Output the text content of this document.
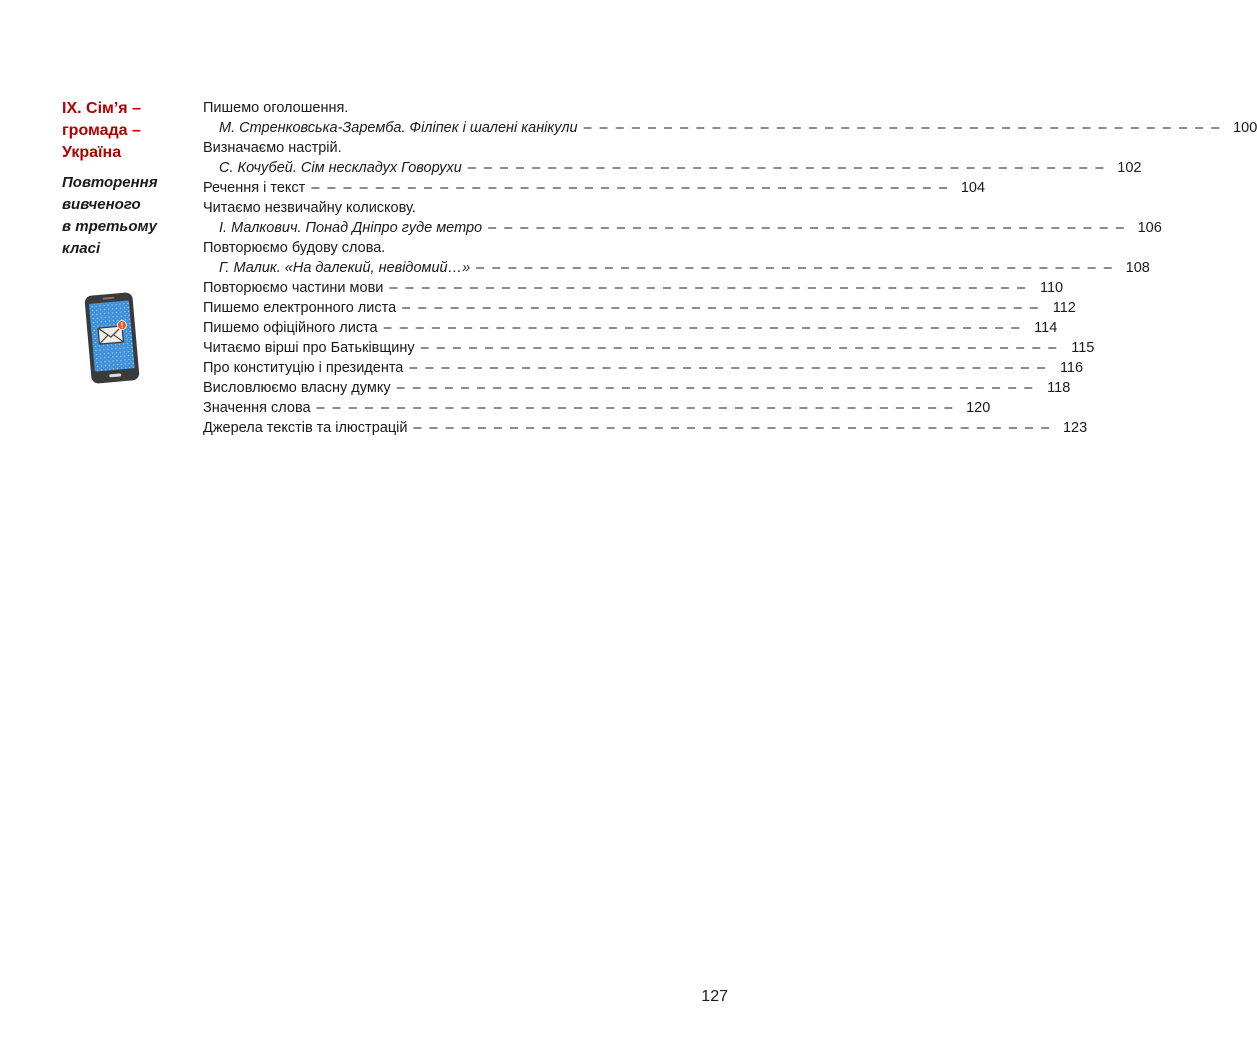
IX. Сім’я –
громада –
Україна
Повторення
вивченого
в третьому
класі
Пишемо оголошення.
М. Стренковська-Заремба. Філіпек і шалені канікули – – – – – – – – – – – – – – – – – – – – – – – – – – – – – – – – – – – – – – – – 100
Визначаємо настрій.
С. Кочубей. Сім нескладух Говорухи – – – – – – – – – – – – – – – – – – – – – – – – – – – – – – – – – – – – – – – – 102
Речення і текст – – – – – – – – – – – – – – – – – – – – – – – – – – – – – – – – – – – – – – – – 104
Читаємо незвичайну колискову.
І. Малкович. Понад Дніпро гуде метро – – – – – – – – – – – – – – – – – – – – – – – – – – – – – – – – – – – – – – – – 106
Повторюємо будову слова.
Г. Малик. «На далекий, невідомий…» – – – – – – – – – – – – – – – – – – – – – – – – – – – – – – – – – – – – – – – – 108
Повторюємо частини мови – – – – – – – – – – – – – – – – – – – – – – – – – – – – – – – – – – – – – – – – 110
Пишемо електронного листа – – – – – – – – – – – – – – – – – – – – – – – – – – – – – – – – – – – – – – – – 112
Пишемо офіційного листа – – – – – – – – – – – – – – – – – – – – – – – – – – – – – – – – – – – – – – – – 114
Читаємо вірші про Батьківщину – – – – – – – – – – – – – – – – – – – – – – – – – – – – – – – – – – – – – – – – 115
Про конституцію і президента – – – – – – – – – – – – – – – – – – – – – – – – – – – – – – – – – – – – – – – – 116
Висловлюємо власну думку – – – – – – – – – – – – – – – – – – – – – – – – – – – – – – – – – – – – – – – – 118
Значення слова – – – – – – – – – – – – – – – – – – – – – – – – – – – – – – – – – – – – – – – – 120
Джерела текстів та ілюстрацій – – – – – – – – – – – – – – – – – – – – – – – – – – – – – – – – – – – – – – – – 123
127
